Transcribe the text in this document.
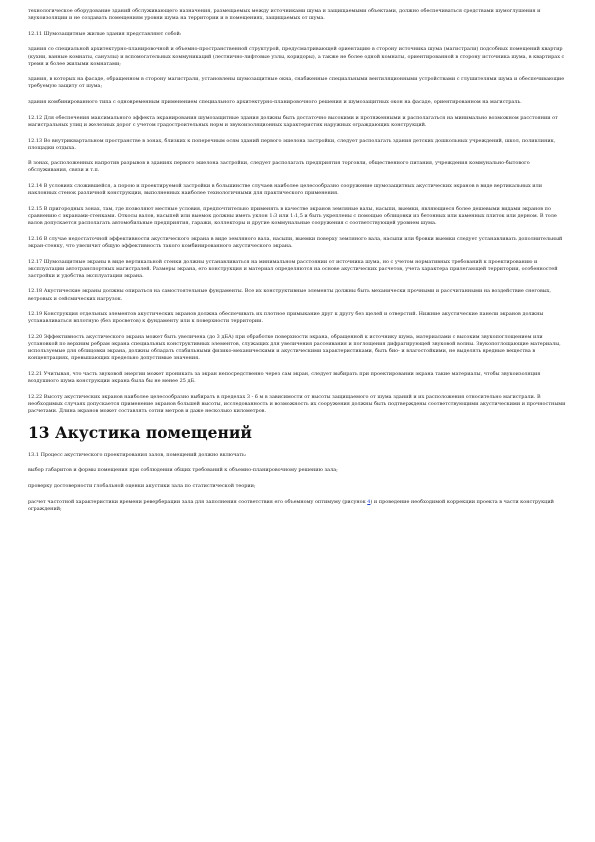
технологическое оборудование зданий обслуживающего назначения, размещаемых между источниками шума и защищаемыми объектами, должно обеспечиваться средствами шумоглушения и звукоизоляции и не создавать помещениям уровни шума на территории и в помещениях, защищаемых от шума.

12.11 Шумозащитные жилые здания представляют собой:

здания со специальной архитектурно-планировочной и объемно-пространственной структурой, предусматривающей ориентацию в сторону источника шума (магистрали) подсобных помещений квартир (кухни, ванные комнаты, санузлы) и вспомогательных коммуникаций (лестнично-лифтовые узлы, коридоры), а также не более одной комнаты, ориентированной в сторону источника шума, в квартирах с тремя и более жилыми комнатами;

здания, в которых на фасаде, обращенном в сторону магистрали, установлены шумозащитные окна, снабженные специальными вентиляционными устройствами с глушителями шума и обеспечивающие требуемую защиту от шума;

здания комбинированного типа с одновременным применением специального архитектурно-планировочного решения и шумозащитных окон на фасаде, ориентированном на магистраль.

12.12 Для обеспечения максимального эффекта экранирования шумозащитные здания должны быть достаточно высокими и протяженными и располагаться на минимально возможном расстоянии от магистральных улиц и железных дорог с учетом градостроительных норм и звукоизоляционных характеристик наружных ограждающих конструкций.

12.13 Во внутриквартальном пространстве в зонах, близких к поперечным осям зданий первого эшелона застройки, следует располагать здания детских дошкольных учреждений, школ, поликлиник, площадки отдыха.

В зонах, расположенных напротив разрывов в зданиях первого эшелона застройки, следует располагать предприятия торговли, общественного питания, учреждения коммунально-бытового обслуживания, связи и т.п.

12.14 В условиях сложившейся, а порою и проектируемой застройки в большинстве случаев наиболее целесообразно сооружение шумозащитных акустических экранов в виде вертикальных или наклонных стенок различной конструкции, выполненных наиболее технологичными для практического применения.

12.15 В пригородных зонах, там, где позволяют местные условия, предпочтительно применять в качестве экранов земляные валы, насыпи, выемки, являющиеся более дешевыми видами экранов по сравнению с экранами-стенками. Откосы валов, насыпей или выемок должны иметь уклон 1:3 или 1:1,5 и быть укреплены с помощью облицовки из бетонных или каменных плиток или дерном. В толе валов допускается располагать автомобильные предприятия, гаражи, коллекторы и другие коммунальные сооружения с соответствующей уровнем шума.

12.16 В случае недостаточной эффективности акустического экрана в виде земляного вала, насыпи, выемки поверху земляного вала, насыпи или бровки выемки следует устанавливать дополнительный экран-стенку, что увеличит общую эффективность такого комбинированного акустического экрана.

12.17 Шумозащитные экраны в виде вертикальной стенки должны устанавливаться на минимальном расстоянии от источника шума, но с учетом нормативных требований к проектированию и эксплуатации автотранспортных магистралей. Размеры экрана, его конструкция и материал определяются на основе акустических расчетов, учета характера прилегающей территории, особенностей застройки и удобства эксплуатации экрана.

12.18 Акустические экраны должны опираться на самостоятельные фундаменты. Все их конструктивные элементы должны быть механически прочными и рассчитанными на воздействие снеговых, ветровых и сейсмических нагрузок.

12.19 Конструкция отдельных элементов акустических экранов должна обеспечивать их плотное примыкание друг к другу без щелей и отверстий. Нижние акустические панели экранов должны устанавливаться вплотную (без просветов) к фундаменту или к поверхности территории.

12.20 Эффективность акустического экрана может быть увеличена (до 3 дБА) при обработке поверхности экрана, обращенной к источнику шума, материалами с высоким звукопоглощением или установкой по верхним ребрам экрана специальных конструктивных элементов, служащих для увеличения рассеивания и поглощения дифрагирующей звуковой волны. Звукопоглощающие материалы, используемые для облицовки экрана, должны обладать стабильными физико-механическими и акустическими характеристиками, быть био- и влагостойкими, не выделять вредные вещества в концентрациях, превышающих предельно допустимые значения.

12.21 Учитывая, что часть звуковой энергии может проникать за экран непосредственно через сам экран, следует выбирать при проектировании экрана такие материалы, чтобы звукоизоляция воздушного шума конструкции экрана была бы не менее 25 дБ.

12.22 Высоту акустических экранов наиболее целесообразно выбирать в пределах 3 - 6 м в зависимости от высоты защищаемого от шума зданий и их расположения относительно магистрали. В необходимых случаях допускается применение экранов большей высоты, исследованность и возможность их сооружения должны быть подтверждены соответствующими акустическими и прочностными расчетами. Длина экранов может составлять сотни метров и даже несколько километров.

13 Акустика помещений

13.1 Процесс акустического проектирования залов, помещений должно включать:

выбор габаритов и формы помещения при соблюдении общих требований к объемно-планировочному решению зала;

проверку достоверности глобальной оценки акустики зала по статистической теории;

расчет частотной характеристики времени реверберации зала для заполнения соответствия его объемному оптимуму (рисунок 4) и проведение необходимой коррекции проекта в части конструкций ограждений;
